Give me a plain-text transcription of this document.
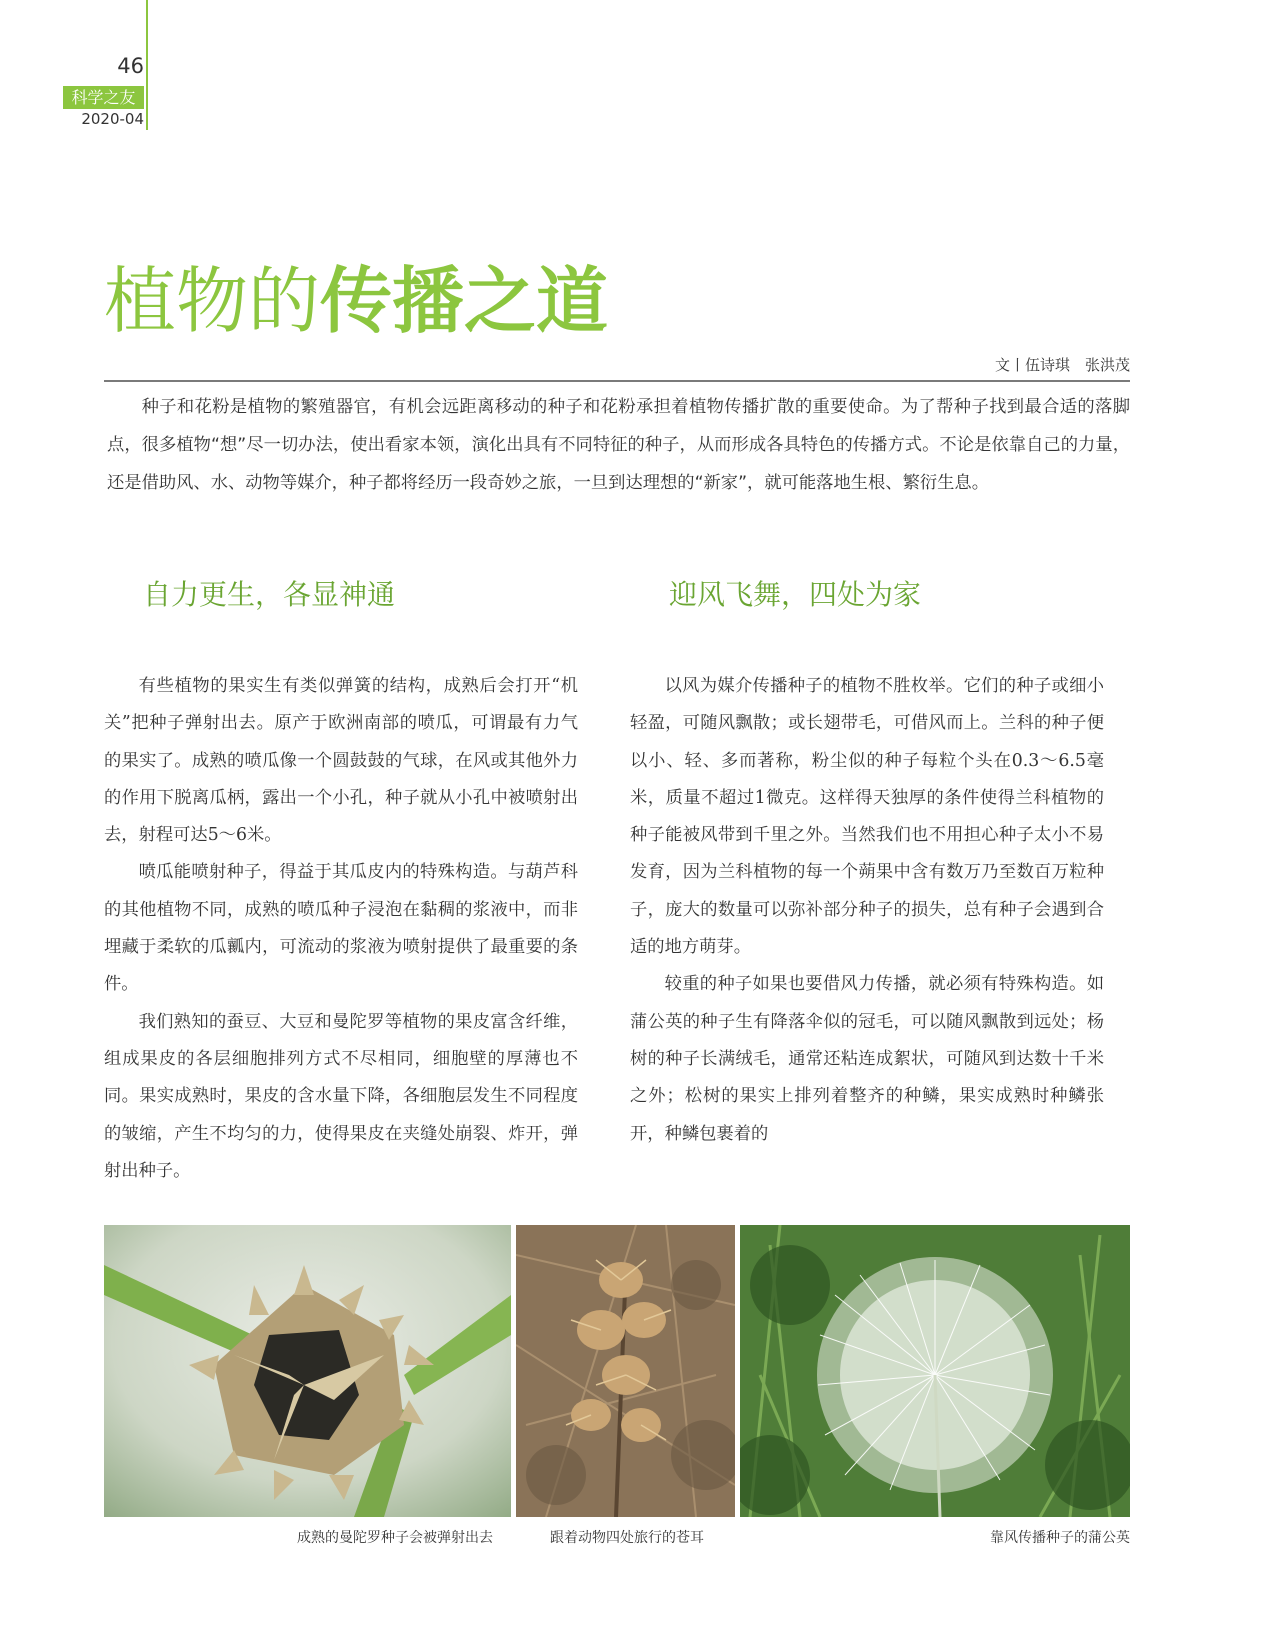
46
科学之友
2020-04
植物的传播之道
文丨伍诗琪　张洪茂

种子和花粉是植物的繁殖器官，有机会远距离移动的种子和花粉承担着植物传播扩散的重要使命。为了帮种子找到最合适的落脚点，很多植物“想”尽一切办法，使出看家本领，演化出具有不同特征的种子，从而形成各具特色的传播方式。不论是依靠自己的力量，还是借助风、水、动物等媒介，种子都将经历一段奇妙之旅，一旦到达理想的“新家”，就可能落地生根、繁衍生息。

自力更生，各显神通	迎风飞舞，四处为家

有些植物的果实生有类似弹簧的结构，成熟后会打开“机关”把种子弹射出去。原产于欧洲南部的喷瓜，可谓最有力气的果实了。成熟的喷瓜像一个圆鼓鼓的气球，在风或其他外力的作用下脱离瓜柄，露出一个小孔，种子就从小孔中被喷射出去，射程可达5～6米。

喷瓜能喷射种子，得益于其瓜皮内的特殊构造。与葫芦科的其他植物不同，成熟的喷瓜种子浸泡在黏稠的浆液中，而非埋藏于柔软的瓜瓤内，可流动的浆液为喷射提供了最重要的条件。

我们熟知的蚕豆、大豆和曼陀罗等植物的果皮富含纤维，组成果皮的各层细胞排列方式不尽相同，细胞壁的厚薄也不同。果实成熟时，果皮的含水量下降，各细胞层发生不同程度的皱缩，产生不均匀的力，使得果皮在夹缝处崩裂、炸开，弹射出种子。

以风为媒介传播种子的植物不胜枚举。它们的种子或细小轻盈，可随风飘散；或长翅带毛，可借风而上。兰科的种子便以小、轻、多而著称，粉尘似的种子每粒个头在0.3～6.5毫米，质量不超过1微克。这样得天独厚的条件使得兰科植物的种子能被风带到千里之外。当然我们也不用担心种子太小不易发育，因为兰科植物的每一个蒴果中含有数万乃至数百万粒种子，庞大的数量可以弥补部分种子的损失，总有种子会遇到合适的地方萌芽。

较重的种子如果也要借风力传播，就必须有特殊构造。如蒲公英的种子生有降落伞似的冠毛，可以随风飘散到远处；杨树的种子长满绒毛，通常还粘连成絮状，可随风到达数十千米之外；松树的果实上排列着整齐的种鳞，果实成熟时种鳞张开，种鳞包裹着的

成熟的曼陀罗种子会被弹射出去	跟着动物四处旅行的苍耳	靠风传播种子的蒲公英
